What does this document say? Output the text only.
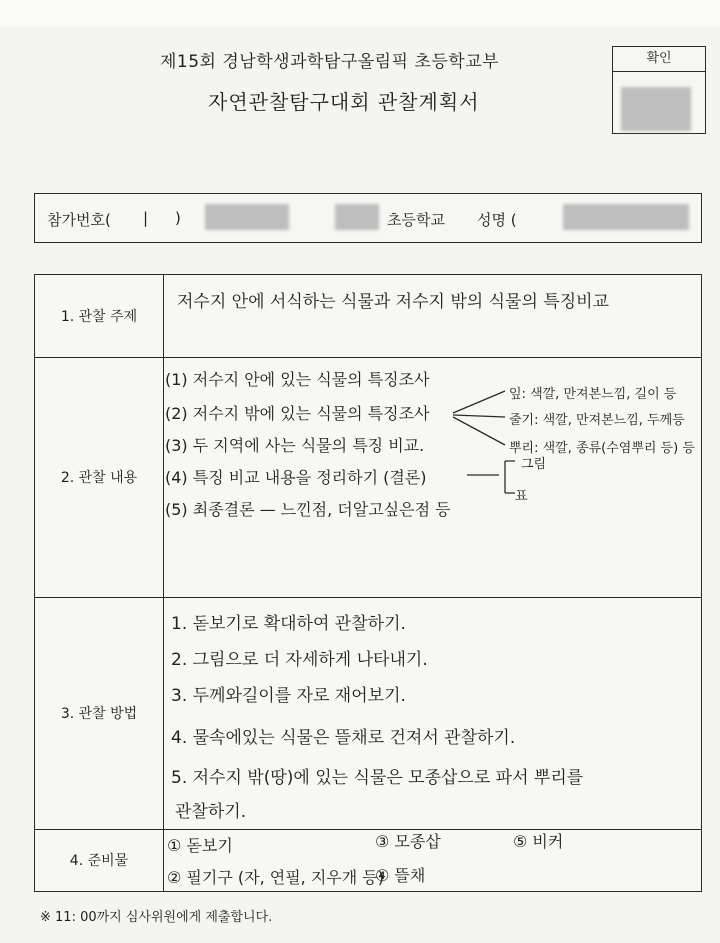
제15회 경남학생과학탐구올림픽 초등학교부
자연관찰탐구대회 관찰계획서
확인
참가번호( | )	초등학교 성명 (
1. 관찰 주제
저수지 안에 서식하는 식물과 저수지 밖의 식물의 특징비교
2. 관찰 내용
(1) 저수지 안에 있는 식물의 특징조사
(2) 저수지 밖에 있는 식물의 특징조사
(3) 두 지역에 사는 식물의 특징 비교.
(4) 특징 비교 내용을 정리하기 (결론)
(5) 최종결론 — 느낀점, 더알고싶은점 등
잎: 색깔, 만져본느낌, 길이 등
줄기: 색깔, 만져본느낌, 두께등
뿌리: 색깔, 종류(수염뿌리 등) 등
그림
표
3. 관찰 방법
1. 돋보기로 확대하여 관찰하기.
2. 그림으로 더 자세하게 나타내기.
3. 두께와길이를 자로 재어보기.
4. 물속에있는 식물은 뜰채로 건져서 관찰하기.
5. 저수지 밖(땅)에 있는 식물은 모종삽으로 파서 뿌리를
관찰하기.
4. 준비물
① 돋보기
② 필기구 (자, 연필, 지우개 등)
③ 모종삽
④ 뜰채
⑤ 비커
※ 11: 00까지 심사위원에게 제출합니다.
